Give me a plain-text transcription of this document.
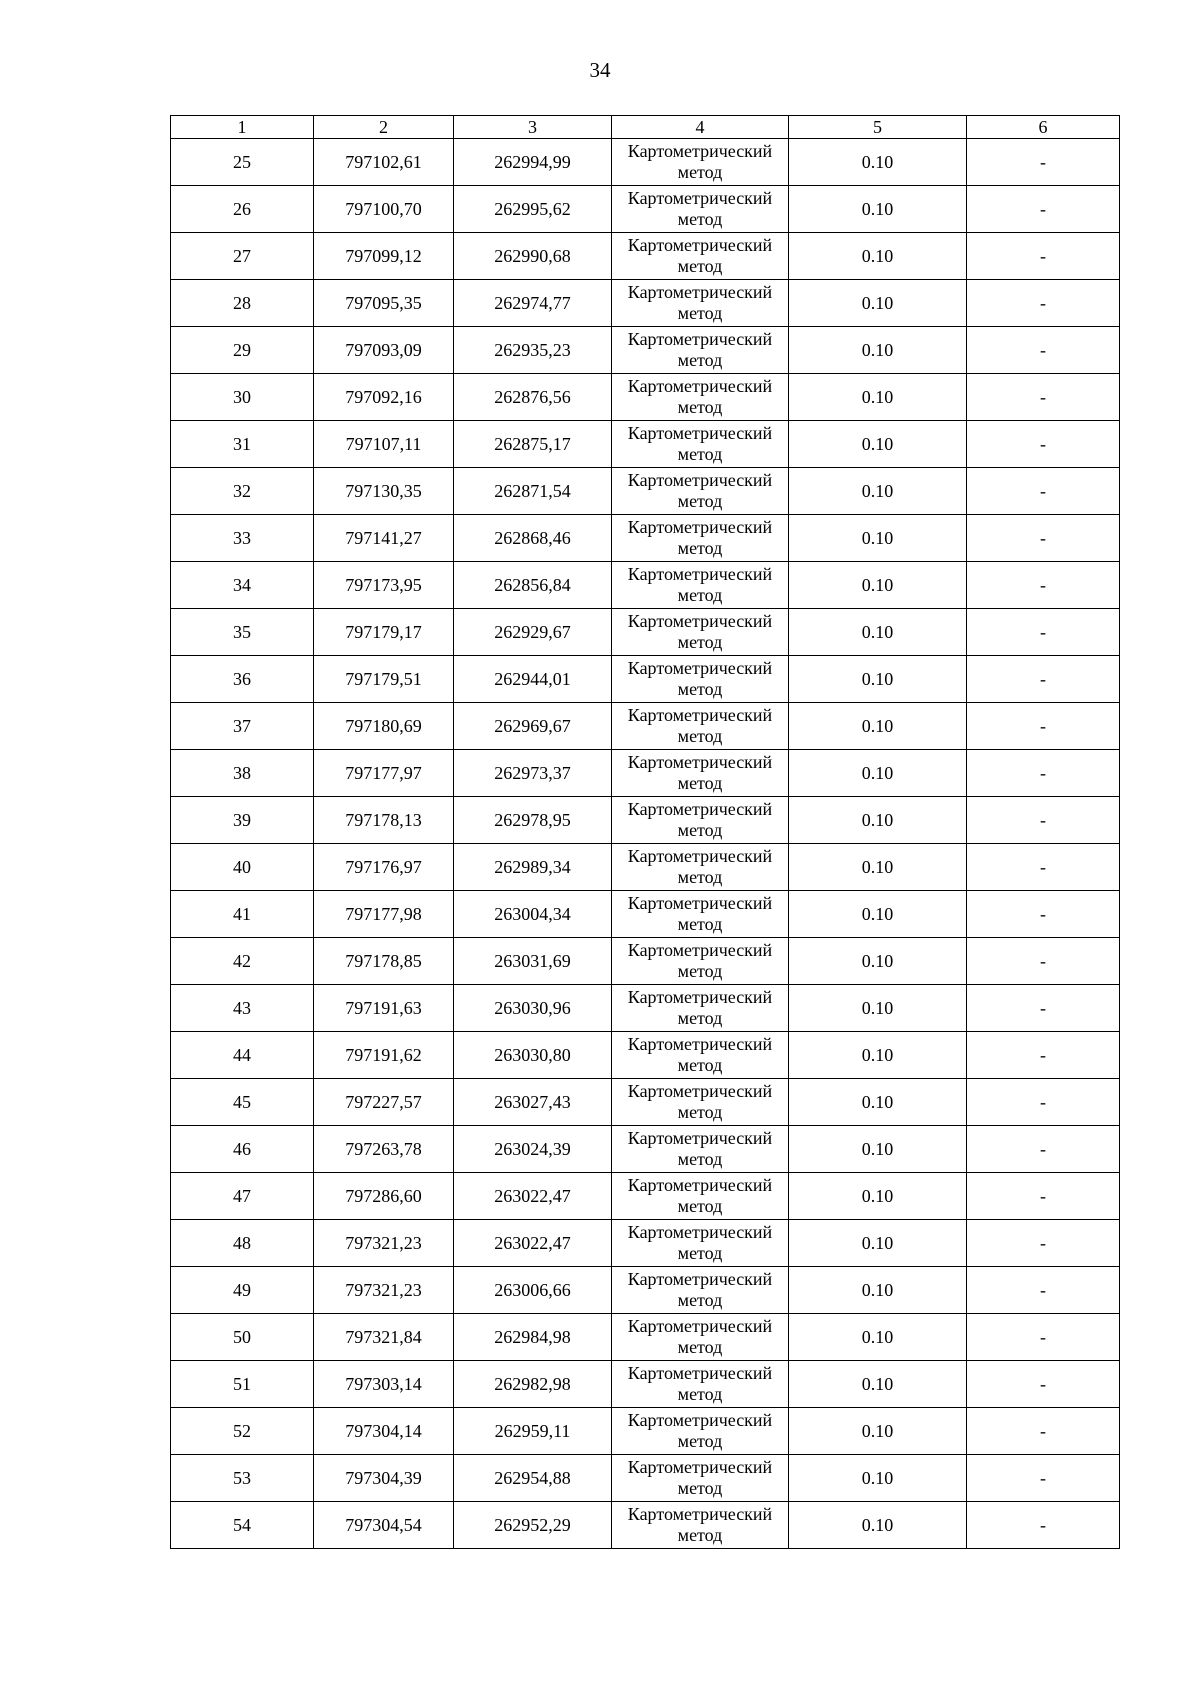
34
1	2	3	4	5	6
25	797102,61	262994,99	Картометрический метод	0.10	-
26	797100,70	262995,62	Картометрический метод	0.10	-
27	797099,12	262990,68	Картометрический метод	0.10	-
28	797095,35	262974,77	Картометрический метод	0.10	-
29	797093,09	262935,23	Картометрический метод	0.10	-
30	797092,16	262876,56	Картометрический метод	0.10	-
31	797107,11	262875,17	Картометрический метод	0.10	-
32	797130,35	262871,54	Картометрический метод	0.10	-
33	797141,27	262868,46	Картометрический метод	0.10	-
34	797173,95	262856,84	Картометрический метод	0.10	-
35	797179,17	262929,67	Картометрический метод	0.10	-
36	797179,51	262944,01	Картометрический метод	0.10	-
37	797180,69	262969,67	Картометрический метод	0.10	-
38	797177,97	262973,37	Картометрический метод	0.10	-
39	797178,13	262978,95	Картометрический метод	0.10	-
40	797176,97	262989,34	Картометрический метод	0.10	-
41	797177,98	263004,34	Картометрический метод	0.10	-
42	797178,85	263031,69	Картометрический метод	0.10	-
43	797191,63	263030,96	Картометрический метод	0.10	-
44	797191,62	263030,80	Картометрический метод	0.10	-
45	797227,57	263027,43	Картометрический метод	0.10	-
46	797263,78	263024,39	Картометрический метод	0.10	-
47	797286,60	263022,47	Картометрический метод	0.10	-
48	797321,23	263022,47	Картометрический метод	0.10	-
49	797321,23	263006,66	Картометрический метод	0.10	-
50	797321,84	262984,98	Картометрический метод	0.10	-
51	797303,14	262982,98	Картометрический метод	0.10	-
52	797304,14	262959,11	Картометрический метод	0.10	-
53	797304,39	262954,88	Картометрический метод	0.10	-
54	797304,54	262952,29	Картометрический метод	0.10	-
